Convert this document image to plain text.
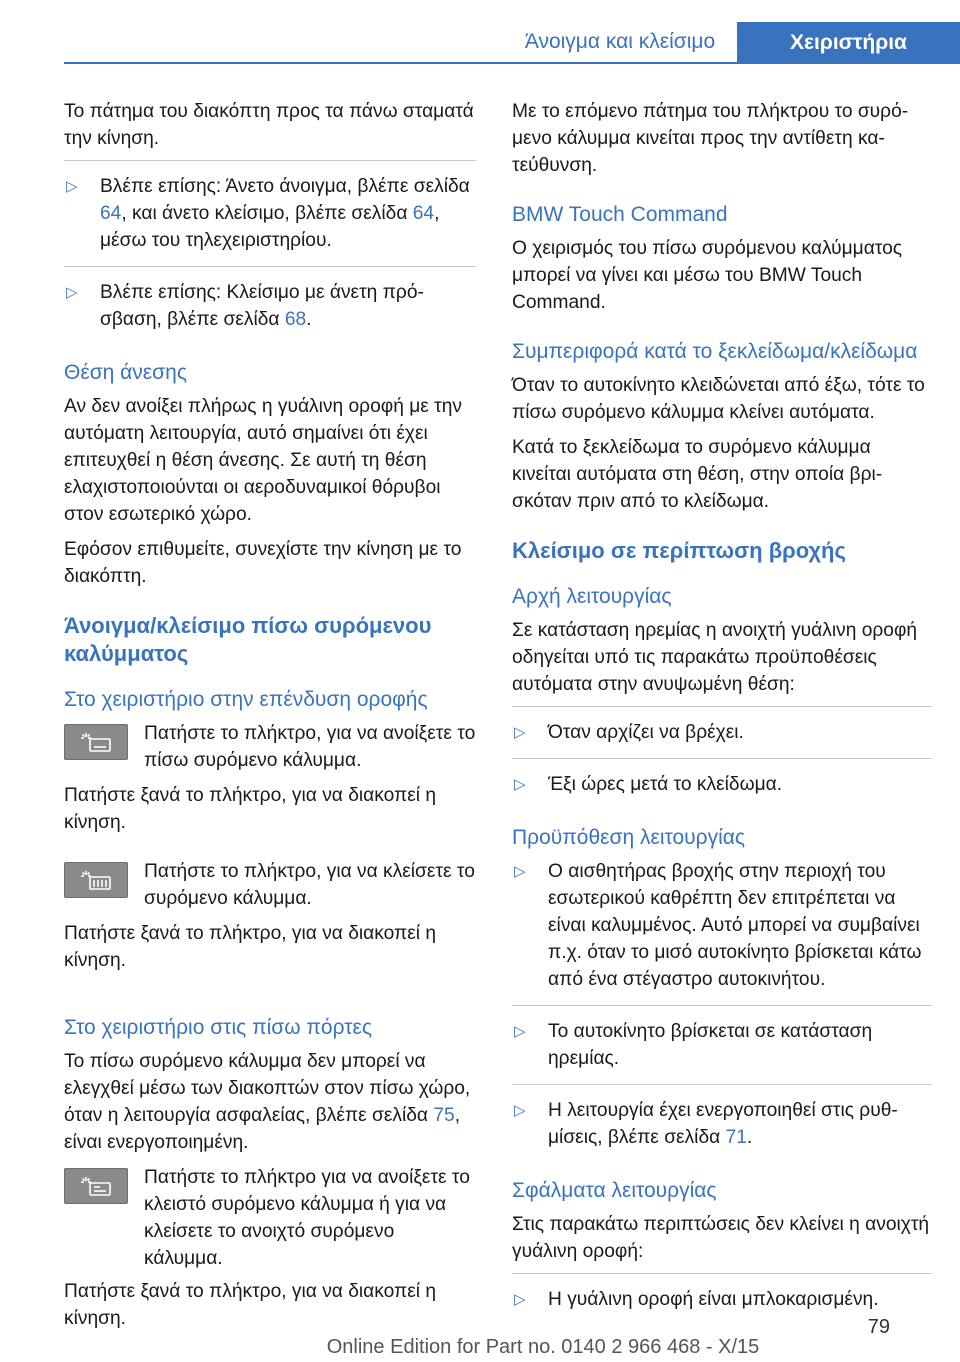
Άνοιγμα και κλείσιμο	Χειριστήρια

Το πάτημα του διακόπτη προς τα πάνω σταματά την κίνηση.

▷ Βλέπε επίσης: Άνετο άνοιγμα, βλέπε σελίδα 64, και άνετο κλείσιμο, βλέπε σελίδα 64, μέσω του τηλεχειριστηρίου.
▷ Βλέπε επίσης: Κλείσιμο με άνετη πρόσβαση, βλέπε σελίδα 68.
Θέση άνεσης

Αν δεν ανοίξει πλήρως η γυάλινη οροφή με την αυτόματη λειτουργία, αυτό σημαίνει ότι έχει επιτευχθεί η θέση άνεσης. Σε αυτή τη θέση ελαχιστοποιούνται οι αεροδυναμικοί θόρυβοι στον εσωτερικό χώρο.

Εφόσον επιθυμείτε, συνεχίστε την κίνηση με το διακόπτη.

Άνοιγμα/κλείσιμο πίσω συρόμενου καλύμματος
Στο χειριστήριο στην επένδυση οροφής
Πατήστε το πλήκτρο, για να ανοίξετε το πίσω συρόμενο κάλυμμα.

Πατήστε ξανά το πλήκτρο, για να διακοπεί η κίνηση.

Πατήστε το πλήκτρο, για να κλείσετε το συρόμενο κάλυμμα.

Πατήστε ξανά το πλήκτρο, για να διακοπεί η κίνηση.

Στο χειριστήριο στις πίσω πόρτες

Το πίσω συρόμενο κάλυμμα δεν μπορεί να ελεγχθεί μέσω των διακοπτών στον πίσω χώρο, όταν η λειτουργία ασφαλείας, βλέπε σελίδα 75, είναι ενεργοποιημένη.

Πατήστε το πλήκτρο για να ανοίξετε το κλειστό συρόμενο κάλυμμα ή για να κλείσετε το ανοιχτό συρόμενο κάλυμμα.

Πατήστε ξανά το πλήκτρο, για να διακοπεί η κίνηση.

Με το επόμενο πάτημα του πλήκτρου το συρόμενο κάλυμμα κινείται προς την αντίθετη κατεύθυνση.

BMW Touch Command

Ο χειρισμός του πίσω συρόμενου καλύμματος μπορεί να γίνει και μέσω του BMW Touch Command.

Συμπεριφορά κατά το ξεκλείδωμα/κλείδωμα

Όταν το αυτοκίνητο κλειδώνεται από έξω, τότε το πίσω συρόμενο κάλυμμα κλείνει αυτόματα.

Κατά το ξεκλείδωμα το συρόμενο κάλυμμα κινείται αυτόματα στη θέση, στην οποία βρισκόταν πριν από το κλείδωμα.

Κλείσιμο σε περίπτωση βροχής
Αρχή λειτουργίας

Σε κατάσταση ηρεμίας η ανοιχτή γυάλινη οροφή οδηγείται υπό τις παρακάτω προϋποθέσεις αυτόματα στην ανυψωμένη θέση:

▷ Όταν αρχίζει να βρέχει.
▷ Έξι ώρες μετά το κλείδωμα.
Προϋπόθεση λειτουργίας
▷ Ο αισθητήρας βροχής στην περιοχή του εσωτερικού καθρέπτη δεν επιτρέπεται να είναι καλυμμένος. Αυτό μπορεί να συμβαίνει π.χ. όταν το μισό αυτοκίνητο βρίσκεται κάτω από ένα στέγαστρο αυτοκινήτου.
▷ Το αυτοκίνητο βρίσκεται σε κατάσταση ηρεμίας.
▷ Η λειτουργία έχει ενεργοποιηθεί στις ρυθμίσεις, βλέπε σελίδα 71.
Σφάλματα λειτουργίας

Στις παρακάτω περιπτώσεις δεν κλείνει η ανοιχτή γυάλινη οροφή:

▷ Η γυάλινη οροφή είναι μπλοκαρισμένη.
79
Online Edition for Part no. 0140 2 966 468 - X/15
